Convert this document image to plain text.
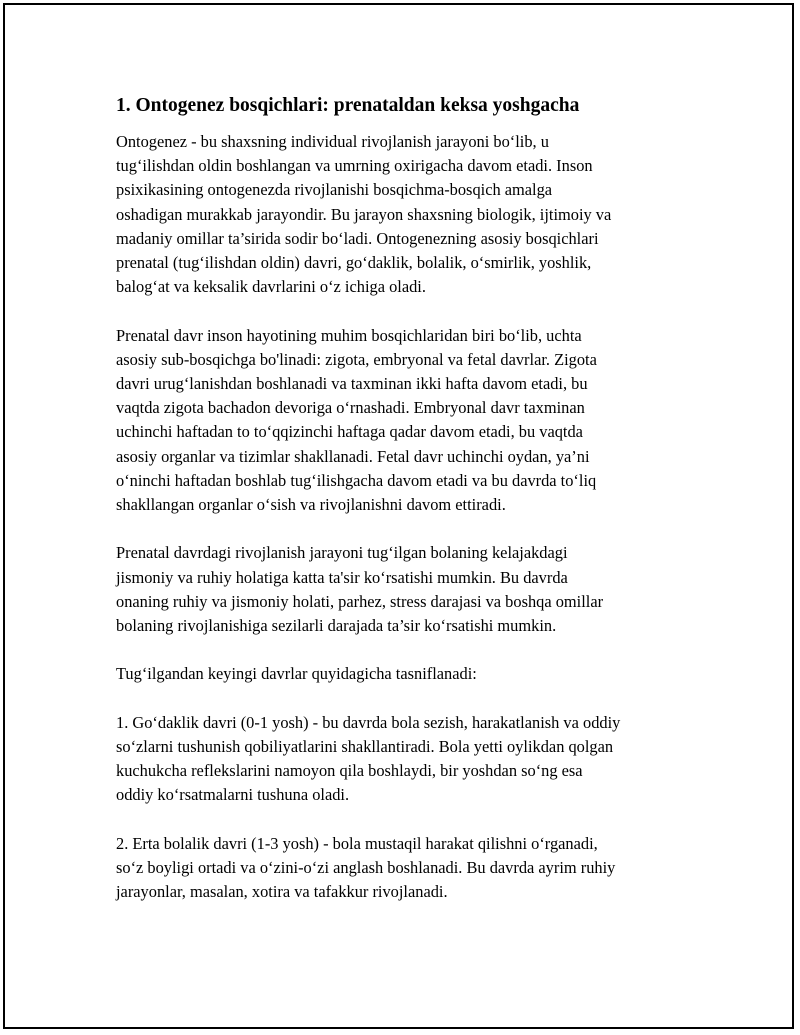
1. Ontogenez bosqichlari: prenataldan keksa yoshgacha

Ontogenez - bu shaxsning individual rivojlanish jarayoni bo‘lib, u
tug‘ilishdan oldin boshlangan va umrning oxirigacha davom etadi. Inson
psixikasining ontogenezda rivojlanishi bosqichma-bosqich amalga
oshadigan murakkab jarayondir. Bu jarayon shaxsning biologik, ijtimoiy va
madaniy omillar ta’sirida sodir bo‘ladi. Ontogenezning asosiy bosqichlari
prenatal (tug‘ilishdan oldin) davri, go‘daklik, bolalik, o‘smirlik, yoshlik,
balog‘at va keksalik davrlarini o‘z ichiga oladi.

Prenatal davr inson hayotining muhim bosqichlaridan biri bo‘lib, uchta
asosiy sub-bosqichga bo'linadi: zigota, embryonal va fetal davrlar. Zigota
davri urug‘lanishdan boshlanadi va taxminan ikki hafta davom etadi, bu
vaqtda zigota bachadon devoriga o‘rnashadi. Embryonal davr taxminan
uchinchi haftadan to to‘qqizinchi haftaga qadar davom etadi, bu vaqtda
asosiy organlar va tizimlar shakllanadi. Fetal davr uchinchi oydan, ya’ni
o‘ninchi haftadan boshlab tug‘ilishgacha davom etadi va bu davrda to‘liq
shakllangan organlar o‘sish va rivojlanishni davom ettiradi.

Prenatal davrdagi rivojlanish jarayoni tug‘ilgan bolaning kelajakdagi
jismoniy va ruhiy holatiga katta ta'sir ko‘rsatishi mumkin. Bu davrda
onaning ruhiy va jismoniy holati, parhez, stress darajasi va boshqa omillar
bolaning rivojlanishiga sezilarli darajada ta’sir ko‘rsatishi mumkin.

Tug‘ilgandan keyingi davrlar quyidagicha tasniflanadi:

1. Go‘daklik davri (0-1 yosh) - bu davrda bola sezish, harakatlanish va oddiy
so‘zlarni tushunish qobiliyatlarini shakllantiradi. Bola yetti oylikdan qolgan
kuchukcha reflekslarini namoyon qila boshlaydi, bir yoshdan so‘ng esa
oddiy ko‘rsatmalarni tushuna oladi.

2. Erta bolalik davri (1-3 yosh) - bola mustaqil harakat qilishni o‘rganadi,
so‘z boyligi ortadi va o‘zini-o‘zi anglash boshlanadi. Bu davrda ayrim ruhiy
jarayonlar, masalan, xotira va tafakkur rivojlanadi.
